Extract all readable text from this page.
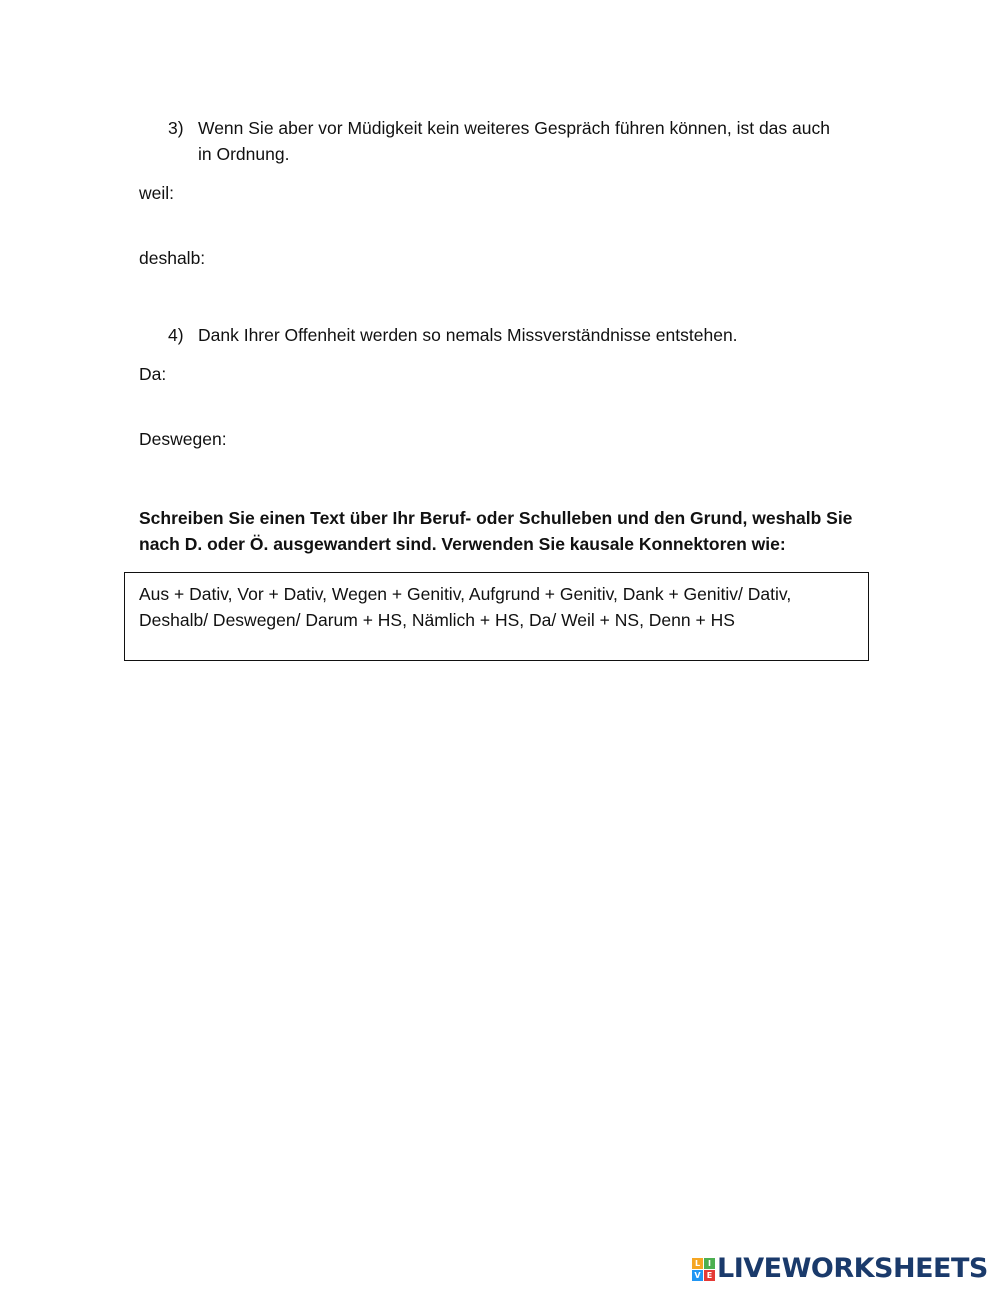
3) Wenn Sie aber vor Müdigkeit kein weiteres Gespräch führen können, ist das auch in Ordnung.
weil:
deshalb:
4) Dank Ihrer Offenheit werden so nemals Missverständnisse entstehen.
Da:
Deswegen:
Schreiben Sie einen Text über Ihr Beruf- oder Schulleben und den Grund, weshalb Sie nach D. oder Ö. ausgewandert sind. Verwenden Sie kausale Konnektoren wie:
Aus + Dativ, Vor + Dativ, Wegen + Genitiv, Aufgrund + Genitiv, Dank + Genitiv/ Dativ, Deshalb/ Deswegen/ Darum + HS, Nämlich + HS, Da/ Weil + NS, Denn + HS
L I
V E LIVEWORKSHEETS
